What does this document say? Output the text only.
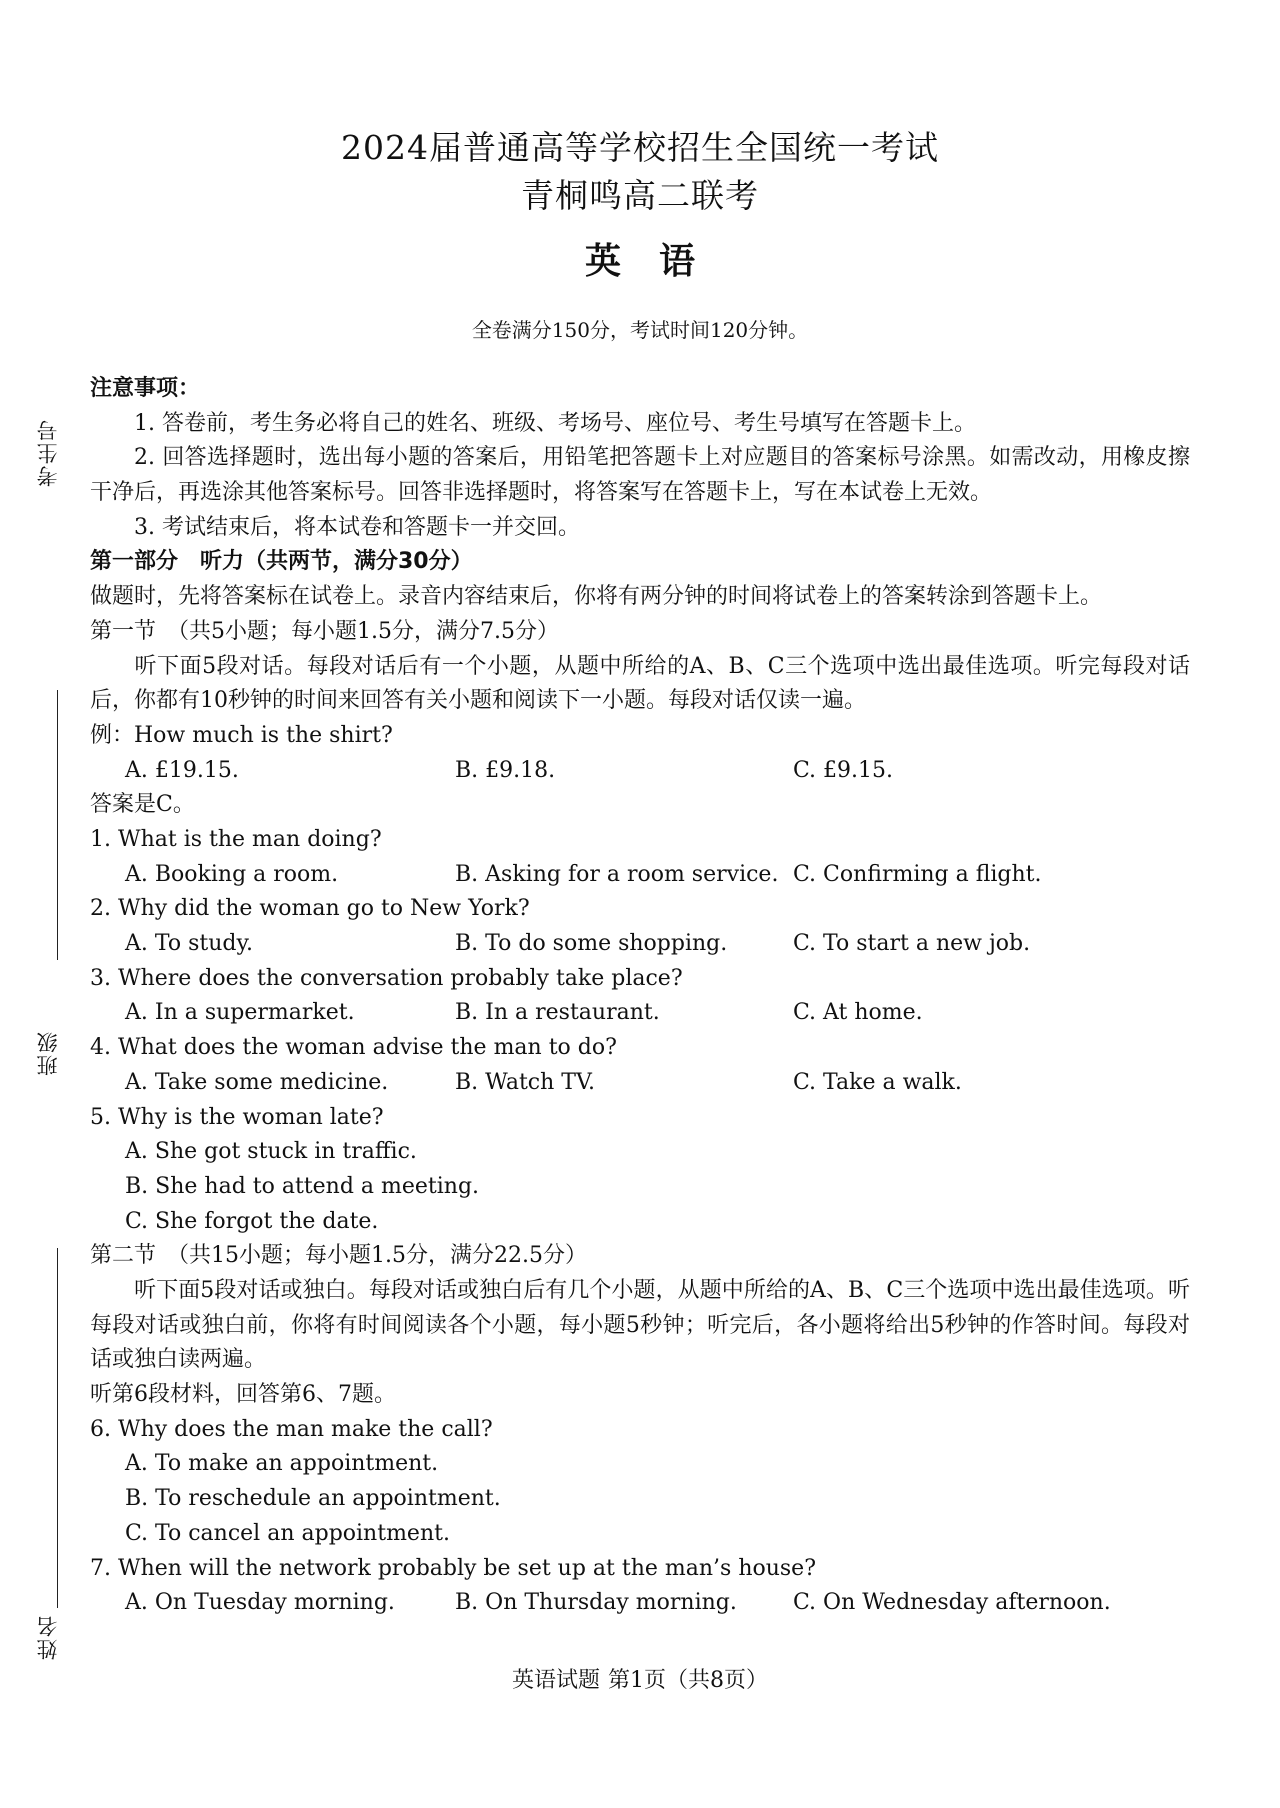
考生号
班级
姓名
2024届普通高等学校招生全国统一考试
青桐鸣高二联考
英 语
全卷满分150分，考试时间120分钟。
注意事项：
1. 答卷前，考生务必将自己的姓名、班级、考场号、座位号、考生号填写在答题卡上。
2. 回答选择题时，选出每小题的答案后，用铅笔把答题卡上对应题目的答案标号涂黑。如需改动，用橡皮擦干净后，再选涂其他答案标号。回答非选择题时，将答案写在答题卡上，写在本试卷上无效。
3. 考试结束后，将本试卷和答题卡一并交回。
第一部分　听力（共两节，满分30分）
做题时，先将答案标在试卷上。录音内容结束后，你将有两分钟的时间将试卷上的答案转涂到答题卡上。
第一节　（共5小题；每小题1.5分，满分7.5分）
听下面5段对话。每段对话后有一个小题，从题中所给的A、B、C三个选项中选出最佳选项。听完每段对话后，你都有10秒钟的时间来回答有关小题和阅读下一小题。每段对话仅读一遍。
例：How much is the shirt?
A. £19.15.	B. £9.18.	C. £9.15.
答案是C。
1. What is the man doing?
A. Booking a room.	B. Asking for a room service. C. Confirming a flight.
2. Why did the woman go to New York?
A. To study.	B. To do some shopping.	C. To start a new job.
3. Where does the conversation probably take place?
A. In a supermarket.	B. In a restaurant.	C. At home.
4. What does the woman advise the man to do?
A. Take some medicine.	B. Watch TV.	C. Take a walk.
5. Why is the woman late?
A. She got stuck in traffic.
B. She had to attend a meeting.
C. She forgot the date.
第二节　（共15小题；每小题1.5分，满分22.5分）
听下面5段对话或独白。每段对话或独白后有几个小题，从题中所给的A、B、C三个选项中选出最佳选项。听每段对话或独白前，你将有时间阅读各个小题，每小题5秒钟；听完后，各小题将给出5秒钟的作答时间。每段对话或独白读两遍。
听第6段材料，回答第6、7题。
6. Why does the man make the call?
A. To make an appointment.
B. To reschedule an appointment.
C. To cancel an appointment.
7. When will the network probably be set up at the man’s house?
A. On Tuesday morning.	B. On Thursday morning.	C. On Wednesday afternoon.
英语试题 第1页（共8页）
